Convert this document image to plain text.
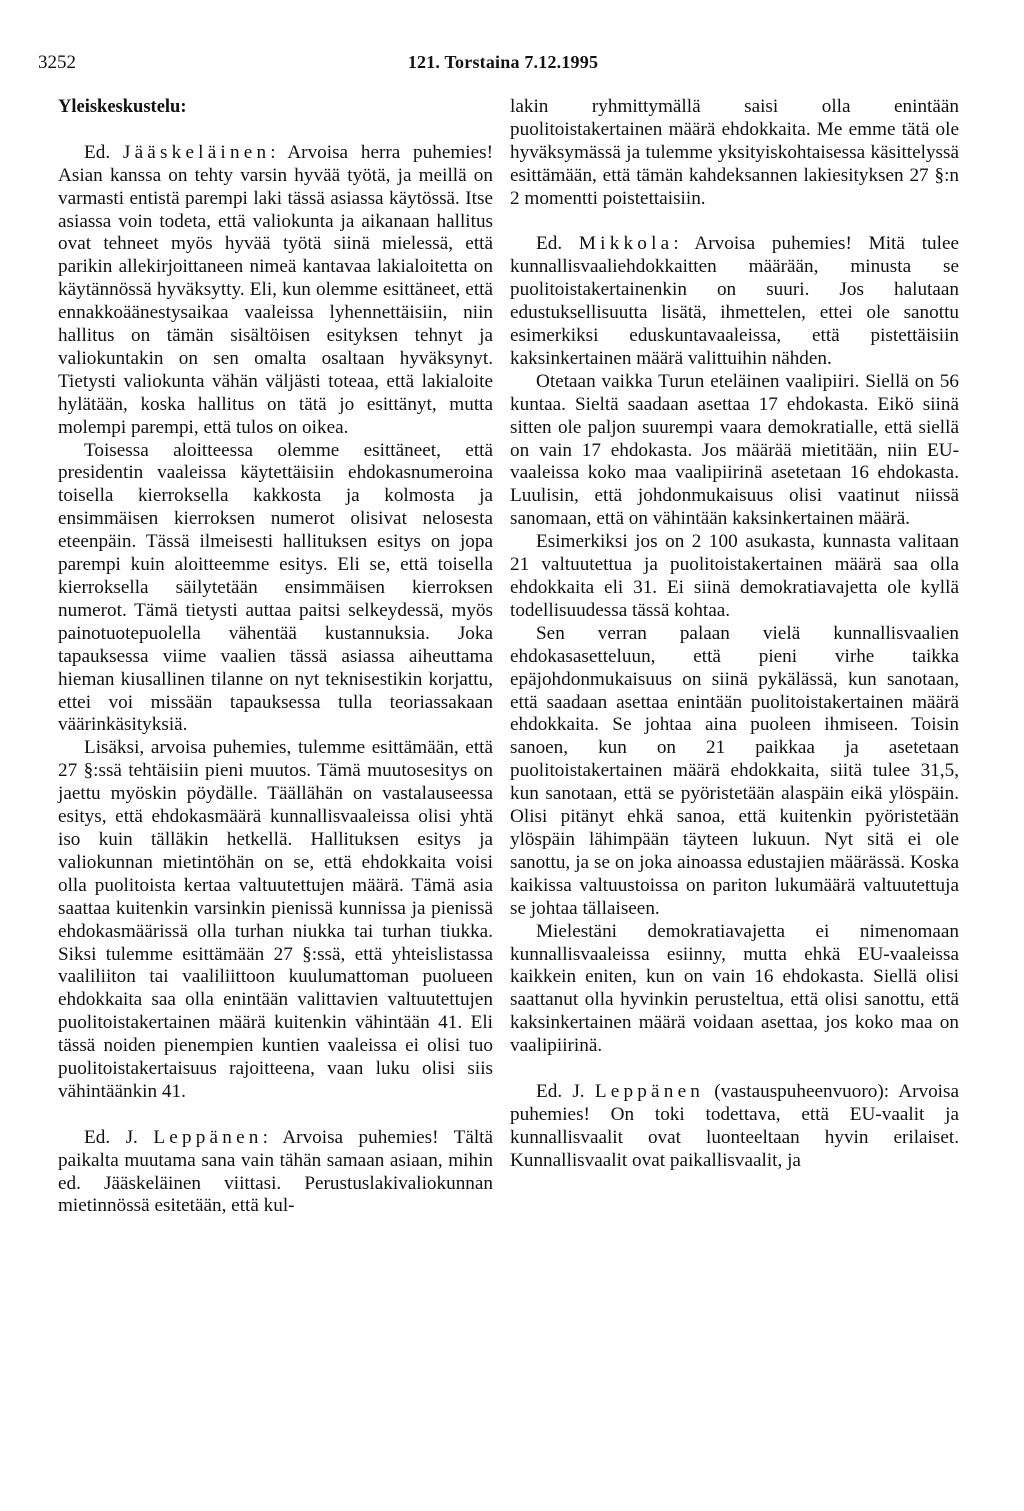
3252	121. Torstaina 7.12.1995

Yleiskeskustelu:

Ed. Jääskeläinen: Arvoisa herra puhemies! Asian kanssa on tehty varsin hyvää työtä, ja meillä on varmasti entistä parempi laki tässä asiassa käytössä. Itse asiassa voin todeta, että valiokunta ja aikanaan hallitus ovat tehneet myös hyvää työtä siinä mielessä, että parikin allekirjoittaneen nimeä kantavaa lakialoitetta on käytännössä hyväksytty. Eli, kun olemme esittäneet, että ennakkoäänestysaikaa vaaleissa lyhennettäisiin, niin hallitus on tämän sisältöisen esityksen tehnyt ja valiokuntakin on sen omalta osaltaan hyväksynyt. Tietysti valiokunta vähän väljästi toteaa, että lakialoite hylätään, koska hallitus on tätä jo esittänyt, mutta molempi parempi, että tulos on oikea.

Toisessa aloitteessa olemme esittäneet, että presidentin vaaleissa käytettäisiin ehdokasnumeroina toisella kierroksella kakkosta ja kolmosta ja ensimmäisen kierroksen numerot olisivat nelosesta eteenpäin. Tässä ilmeisesti hallituksen esitys on jopa parempi kuin aloitteemme esitys. Eli se, että toisella kierroksella säilytetään ensimmäisen kierroksen numerot. Tämä tietysti auttaa paitsi selkeydessä, myös painotuotepuolella vähentää kustannuksia. Joka tapauksessa viime vaalien tässä asiassa aiheuttama hieman kiusallinen tilanne on nyt teknisestikin korjattu, ettei voi missään tapauksessa tulla teoriassakaan väärinkäsityksiä.

Lisäksi, arvoisa puhemies, tulemme esittämään, että 27 §:ssä tehtäisiin pieni muutos. Tämä muutosesitys on jaettu myöskin pöydälle. Täällähän on vastalauseessa esitys, että ehdokasmäärä kunnallisvaaleissa olisi yhtä iso kuin tälläkin hetkellä. Hallituksen esitys ja valiokunnan mietintöhän on se, että ehdokkaita voisi olla puolitoista kertaa valtuutettujen määrä. Tämä asia saattaa kuitenkin varsinkin pienissä kunnissa ja pienissä ehdokasmäärissä olla turhan niukka tai turhan tiukka. Siksi tulemme esittämään 27 §:ssä, että yhteislistassa vaaliliiton tai vaaliliittoon kuulumattoman puolueen ehdokkaita saa olla enintään valittavien valtuutettujen puolitoistakertainen määrä kuitenkin vähintään 41. Eli tässä noiden pienempien kuntien vaaleissa ei olisi tuo puolitoistakertaisuus rajoitteena, vaan luku olisi siis vähintäänkin 41.

Ed. J. Leppänen: Arvoisa puhemies! Tältä paikalta muutama sana vain tähän samaan asiaan, mihin ed. Jääskeläinen viittasi. Perustuslakivaliokunnan mietinnössä esitetään, että kul-

lakin ryhmittymällä saisi olla enintään puolitoistakertainen määrä ehdokkaita. Me emme tätä ole hyväksymässä ja tulemme yksityiskohtaisessa käsittelyssä esittämään, että tämän kahdeksannen lakiesityksen 27 §:n 2 momentti poistettaisiin.

Ed. Mikkola: Arvoisa puhemies! Mitä tulee kunnallisvaaliehdokkaitten määrään, minusta se puolitoistakertainenkin on suuri. Jos halutaan edustuksellisuutta lisätä, ihmettelen, ettei ole sanottu esimerkiksi eduskuntavaaleissa, että pistettäisiin kaksinkertainen määrä valittuihin nähden.

Otetaan vaikka Turun eteläinen vaalipiiri. Siellä on 56 kuntaa. Sieltä saadaan asettaa 17 ehdokasta. Eikö siinä sitten ole paljon suurempi vaara demokratialle, että siellä on vain 17 ehdokasta. Jos määrää mietitään, niin EU-vaaleissa koko maa vaalipiirinä asetetaan 16 ehdokasta. Luulisin, että johdonmukaisuus olisi vaatinut niissä sanomaan, että on vähintään kaksinkertainen määrä.

Esimerkiksi jos on 2 100 asukasta, kunnasta valitaan 21 valtuutettua ja puolitoistakertainen määrä saa olla ehdokkaita eli 31. Ei siinä demokratiavajetta ole kyllä todellisuudessa tässä kohtaa.

Sen verran palaan vielä kunnallisvaalien ehdokasasetteluun, että pieni virhe taikka epäjohdonmukaisuus on siinä pykälässä, kun sanotaan, että saadaan asettaa enintään puolitoistakertainen määrä ehdokkaita. Se johtaa aina puoleen ihmiseen. Toisin sanoen, kun on 21 paikkaa ja asetetaan puolitoistakertainen määrä ehdokkaita, siitä tulee 31,5, kun sanotaan, että se pyöristetään alaspäin eikä ylöspäin. Olisi pitänyt ehkä sanoa, että kuitenkin pyöristetään ylöspäin lähimpään täyteen lukuun. Nyt sitä ei ole sanottu, ja se on joka ainoassa edustajien määrässä. Koska kaikissa valtuustoissa on pariton lukumäärä valtuutettuja se johtaa tällaiseen.

Mielestäni demokratiavajetta ei nimenomaan kunnallisvaaleissa esiinny, mutta ehkä EU-vaaleissa kaikkein eniten, kun on vain 16 ehdokasta. Siellä olisi saattanut olla hyvinkin perusteltua, että olisi sanottu, että kaksinkertainen määrä voidaan asettaa, jos koko maa on vaalipiirinä.

Ed. J. Leppänen (vastauspuheenvuoro): Arvoisa puhemies! On toki todettava, että EU-vaalit ja kunnallisvaalit ovat luonteeltaan hyvin erilaiset. Kunnallisvaalit ovat paikallisvaalit, ja
